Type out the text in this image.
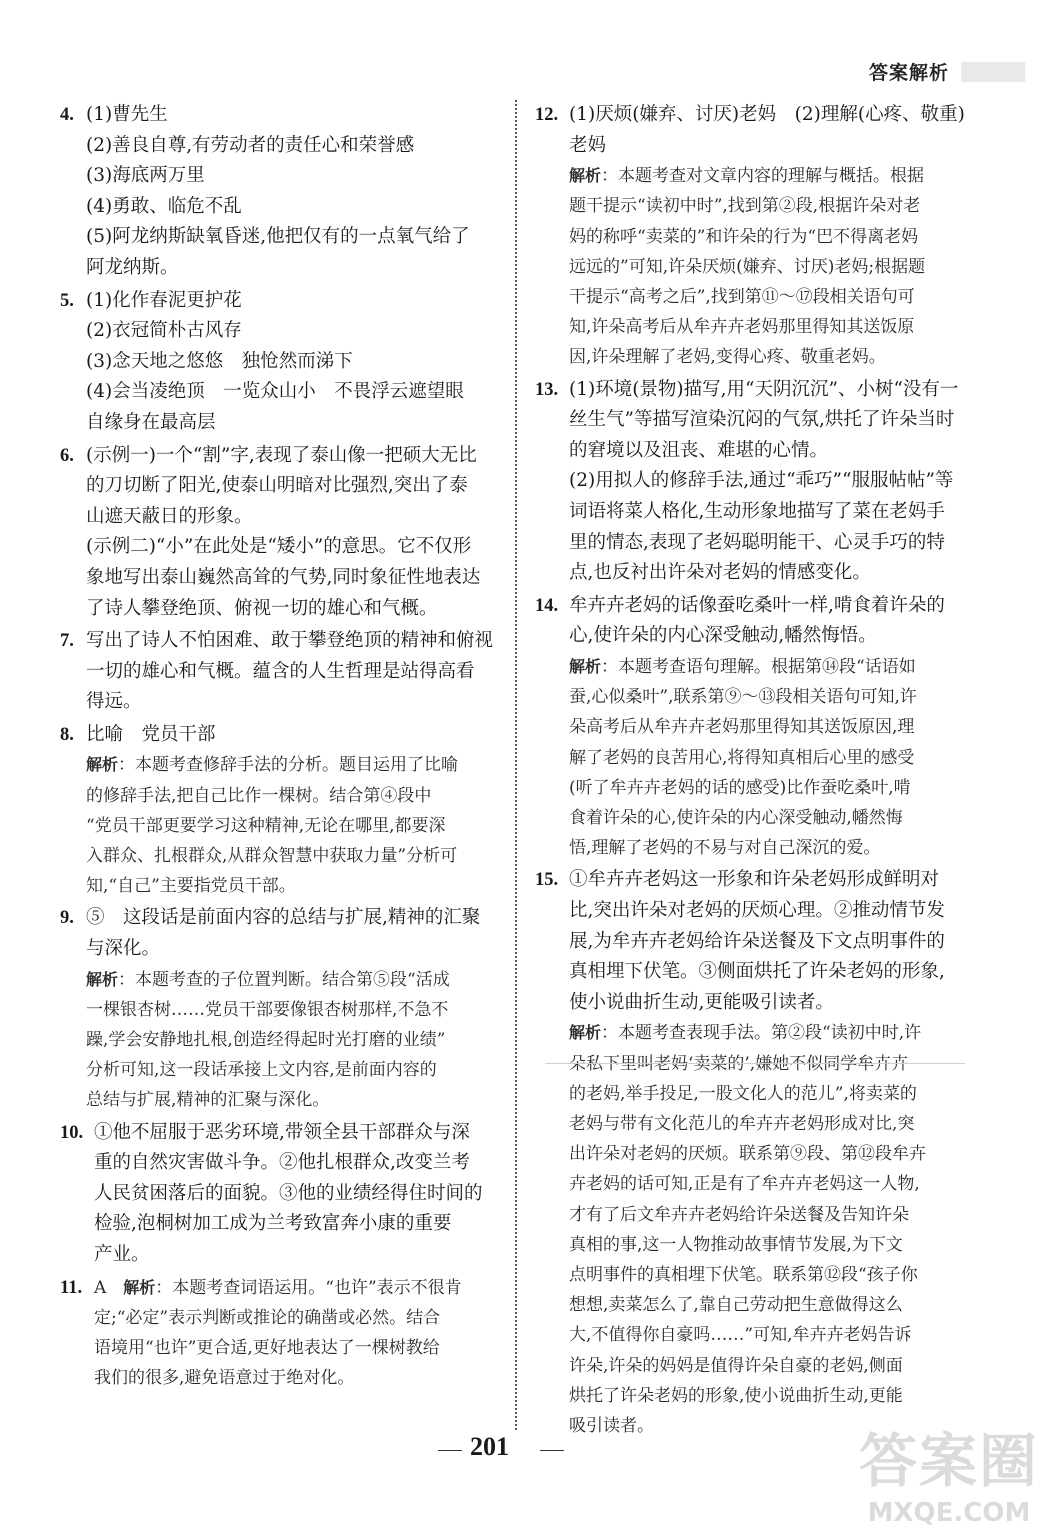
答案解析
4. (1)曹先生
(2)善良自尊,有劳动者的责任心和荣誉感
(3)海底两万里
(4)勇敢、临危不乱
(5)阿龙纳斯缺氧昏迷,他把仅有的一点氧气给了
阿龙纳斯。
5. (1)化作春泥更护花
(2)衣冠简朴古风存
(3)念天地之悠悠　独怆然而涕下
(4)会当凌绝顶　一览众山小　不畏浮云遮望眼
自缘身在最高层
6. (示例一)一个“割”字,表现了泰山像一把硕大无比
的刀切断了阳光,使泰山明暗对比强烈,突出了泰
山遮天蔽日的形象。
(示例二)“小”在此处是“矮小”的意思。它不仅形
象地写出泰山巍然高耸的气势,同时象征性地表达
了诗人攀登绝顶、俯视一切的雄心和气概。
7. 写出了诗人不怕困难、敢于攀登绝顶的精神和俯视
一切的雄心和气概。蕴含的人生哲理是站得高看
得远。
8. 比喻　党员干部
解析：本题考查修辞手法的分析。题目运用了比喻
的修辞手法,把自己比作一棵树。结合第④段中
“党员干部更要学习这种精神,无论在哪里,都要深
入群众、扎根群众,从群众智慧中获取力量”分析可
知,“自己”主要指党员干部。
9. ⑤　这段话是前面内容的总结与扩展,精神的汇聚
与深化。
解析：本题考查的子位置判断。结合第⑤段“活成
一棵银杏树……党员干部要像银杏树那样,不急不
躁,学会安静地扎根,创造经得起时光打磨的业绩”
分析可知,这一段话承接上文内容,是前面内容的
总结与扩展,精神的汇聚与深化。
10. ①他不屈服于恶劣环境,带领全县干部群众与深
重的自然灾害做斗争。②他扎根群众,改变兰考
人民贫困落后的面貌。③他的业绩经得住时间的
检验,泡桐树加工成为兰考致富奔小康的重要
产业。
11. A　解析：本题考查词语运用。“也许”表示不很肯
定;“必定”表示判断或推论的确凿或必然。结合
语境用“也许”更合适,更好地表达了一棵树教给
我们的很多,避免语意过于绝对化。
12. (1)厌烦(嫌弃、讨厌)老妈　(2)理解(心疼、敬重)
老妈
解析：本题考查对文章内容的理解与概括。根据
题干提示“读初中时”,找到第②段,根据许朵对老
妈的称呼“卖菜的”和许朵的行为“巴不得离老妈
远远的”可知,许朵厌烦(嫌弃、讨厌)老妈;根据题
干提示“高考之后”,找到第⑪～⑰段相关语句可
知,许朵高考后从牟卉卉老妈那里得知其送饭原
因,许朵理解了老妈,变得心疼、敬重老妈。
13. (1)环境(景物)描写,用“天阴沉沉”、小树“没有一
丝生气”等描写渲染沉闷的气氛,烘托了许朵当时
的窘境以及沮丧、难堪的心情。
(2)用拟人的修辞手法,通过“乖巧”“服服帖帖”等
词语将菜人格化,生动形象地描写了菜在老妈手
里的情态,表现了老妈聪明能干、心灵手巧的特
点,也反衬出许朵对老妈的情感变化。
14. 牟卉卉老妈的话像蚕吃桑叶一样,啃食着许朵的
心,使许朵的内心深受触动,幡然悔悟。
解析：本题考查语句理解。根据第⑭段“话语如
蚕,心似桑叶”,联系第⑨～⑬段相关语句可知,许
朵高考后从牟卉卉老妈那里得知其送饭原因,理
解了老妈的良苦用心,将得知真相后心里的感受
(听了牟卉卉老妈的话的感受)比作蚕吃桑叶,啃
食着许朵的心,使许朵的内心深受触动,幡然悔
悟,理解了老妈的不易与对自己深沉的爱。
15. ①牟卉卉老妈这一形象和许朵老妈形成鲜明对
比,突出许朵对老妈的厌烦心理。②推动情节发
展,为牟卉卉老妈给许朵送餐及下文点明事件的
真相埋下伏笔。③侧面烘托了许朵老妈的形象,
使小说曲折生动,更能吸引读者。
解析：本题考查表现手法。第②段“读初中时,许
朵私下里叫老妈‘卖菜的’,嫌她不似同学牟卉卉
的老妈,举手投足,一股文化人的范儿”,将卖菜的
老妈与带有文化范儿的牟卉卉老妈形成对比,突
出许朵对老妈的厌烦。联系第⑨段、第⑫段牟卉
卉老妈的话可知,正是有了牟卉卉老妈这一人物,
才有了后文牟卉卉老妈给许朵送餐及告知许朵
真相的事,这一人物推动故事情节发展,为下文
点明事件的真相埋下伏笔。联系第⑫段“孩子你
想想,卖菜怎么了,靠自己劳动把生意做得这么
大,不值得你自豪吗……”可知,牟卉卉老妈告诉
许朵,许朵的妈妈是值得许朵自豪的老妈,侧面
烘托了许朵老妈的形象,使小说曲折生动,更能
吸引读者。
201	答案圈
MXQE.COM
